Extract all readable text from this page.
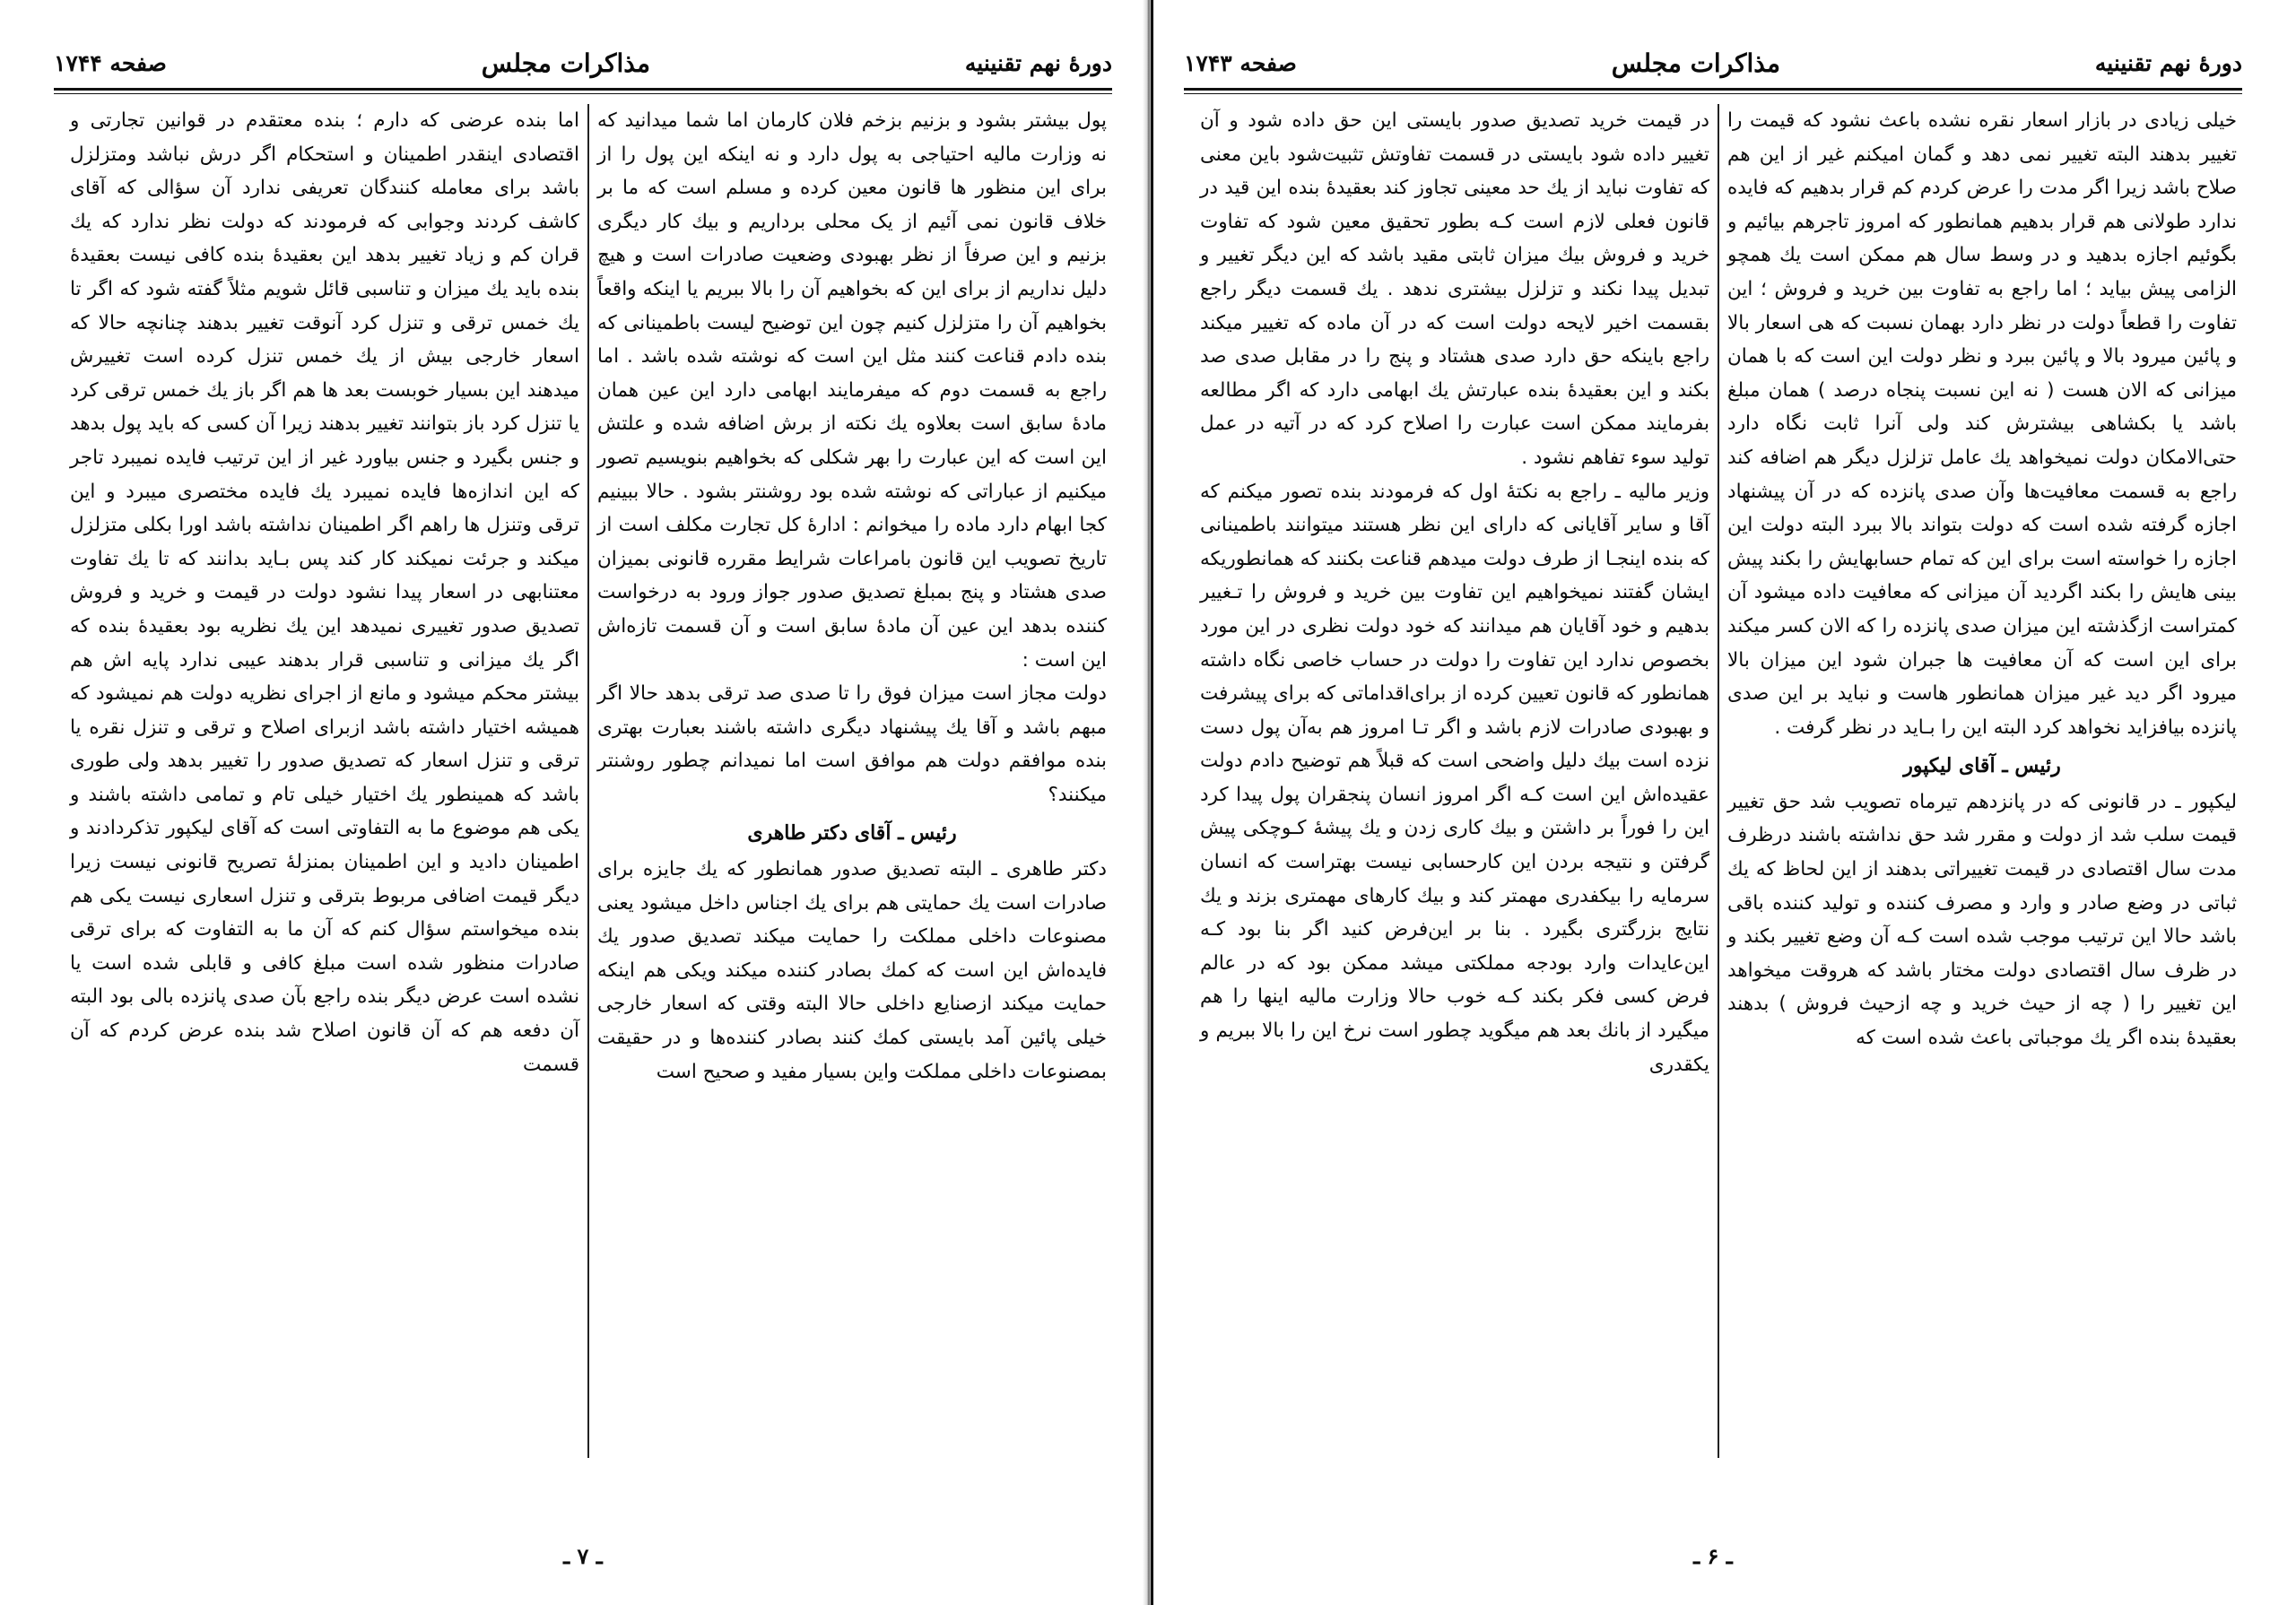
دورهٔ نهم تقنینیه
مذاکرات مجلس
صفحه ۱۷۴۴

پول بیشتر بشود و بزنیم بزخم فلان کارمان اما شما میدانید که نه وزارت مالیه احتیاجی به پول دارد و نه اینکه این پول را از برای این منظور ها قانون معین کرده و مسلم است که ما بر خلاف قانون نمی آئیم از یک محلی برداریم و بیك کار دیگری بزنیم و این صرفاً از نظر بهبودی وضعیت صادرات است و هیچ دلیل نداریم از برای این که بخواهیم آن را بالا ببریم یا اینکه واقعاً بخواهیم آن را متزلزل کنیم چون این توضیح لیست باطمینانی که بنده دادم قناعت کنند مثل این است که نوشته شده باشد . اما راجع به قسمت دوم که میفرمایند ابهامی دارد این عین همان مادهٔ سابق است بعلاوه یك نکته از برش اضافه شده و علتش این است که این عبارت را بهر شکلی که بخواهیم بنویسیم تصور میکنیم از عباراتی که نوشته شده بود روشنتر بشود . حالا ببینیم کجا ابهام دارد ماده را میخوانم : ادارهٔ کل تجارت مکلف است از تاریخ تصویب این قانون بامراعات شرایط مقرره قانونی بمیزان صدی هشتاد و پنج بمبلغ تصدیق صدور جواز ورود به درخواست کننده بدهد این عین آن مادهٔ سابق است و آن قسمت تازه‌اش این است :

دولت مجاز است میزان فوق را تا صدی صد ترقی بدهد حالا اگر مبهم باشد و آقا یك پیشنهاد دیگری داشته باشند بعبارت بهتری بنده موافقم دولت هم موافق است اما نمیدانم چطور روشنتر میکنند؟

رئیس ـ آقای دکتر طاهری

دکتر طاهری ـ البته تصدیق صدور همانطور که یك جایزه برای صادرات است یك حمایتی هم برای یك اجناس داخل میشود یعنی مصنوعات داخلی مملکت را حمایت میکند تصدیق صدور یك فایده‌اش این است که کمك بصادر کننده میکند ویکی هم اینکه حمایت میکند ازصنایع داخلی حالا البته وقتی که اسعار خارجی خیلی پائین آمد بایستی کمك کنند بصادر کننده‌ها و در حقیقت بمصنوعات داخلی مملکت واین بسیار مفید و صحیح است

اما بنده عرضی که دارم ؛ بنده معتقدم در قوانین تجارتی و اقتصادی اینقدر اطمینان و استحکام اگر درش نباشد ومتزلزل باشد برای معامله کنندگان تعریفی ندارد آن سؤالی که آقای کاشف کردند وجوابی که فرمودند که دولت نظر ندارد که یك قران کم و زیاد تغییر بدهد این بعقیدهٔ بنده کافی نیست بعقیدهٔ بنده باید یك میزان و تناسبی قائل شویم مثلاً گفته شود که اگر تا یك خمس ترقی و تنزل کرد آنوقت تغییر بدهند چنانچه حالا که اسعار خارجی بیش از یك خمس تنزل کرده است تغییرش میدهند این بسیار خوبست بعد ها هم اگر باز یك خمس ترقی کرد یا تنزل کرد باز بتوانند تغییر بدهند زیرا آن کسی که باید پول بدهد و جنس بگیرد و جنس بیاورد غیر از این ترتیب فایده نمیبرد تاجر که این اندازه‌ها فایده نمیبرد یك فایده مختصری میبرد و این ترقی وتنزل ها راهم اگر اطمینان نداشته باشد اورا بکلی متزلزل میکند و جرئت نمیکند کار کند پس بـاید بدانند که تا یك تفاوت معتنابهی در اسعار پیدا نشود دولت در قیمت و خرید و فروش تصدیق صدور تغییری نمیدهد این یك نظریه بود بعقیدهٔ بنده که اگر یك میزانی و تناسبی قرار بدهند عیبی ندارد پایه اش هم بیشتر محکم میشود و مانع از اجرای نظریه دولت هم نمیشود که همیشه اختیار داشته باشد ازبرای اصلاح و ترقی و تنزل نقره یا ترقی و تنزل اسعار که تصدیق صدور را تغییر بدهد ولی طوری باشد که همینطور یك اختیار خیلی تام و تمامی داشته باشند و یکی هم موضوع ما به التفاوتی است که آقای لیکپور تذکردادند و اطمینان دادید و این اطمینان بمنزلهٔ تصریح قانونی نیست زیرا دیگر قیمت اضافی مربوط بترقی و تنزل اسعاری نیست یکی هم بنده میخواستم سؤال کنم که آن ما به التفاوت که برای ترقی صادرات منظور شده است مبلغ کافی و قابلی شده است یا نشده است عرض دیگر بنده راجع بآن صدی پانزده بالی بود البته آن دفعه هم که آن قانون اصلاح شد بنده عرض کردم که آن قسمت

ـ ۷ ـ
دورهٔ نهم تقنینیه
مذاکرات مجلس
صفحه ۱۷۴۳

خیلی زیادی در بازار اسعار نقره نشده باعث نشود که قیمت را تغییر بدهند البته تغییر نمی دهد و گمان امیکنم غیر از این هم صلاح باشد زیرا اگر مدت را عرض کردم کم قرار بدهیم که فایده ندارد طولانی هم قرار بدهیم همانطور که امروز تاجرهم بیائیم و بگوئیم اجازه بدهید و در وسط سال هم ممکن است یك همچو الزامی پیش بیاید ؛ اما راجع به تفاوت بین خرید و فروش ؛ این تفاوت را قطعاً دولت در نظر دارد بهمان نسبت که هی اسعار بالا و پائین میرود بالا و پائین ببرد و نظر دولت این است که با همان میزانی که الان هست ( نه این نسبت پنجاه درصد ) همان مبلغ باشد یا بکشاهی بیشترش کند ولی آنرا ثابت نگاه دارد حتی‌الامکان دولت نمیخواهد یك عامل تزلزل دیگر هم اضافه کند راجع به قسمت معافیت‌ها وآن صدی پانزده که در آن پیشنهاد اجازه گرفته شده است که دولت بتواند بالا ببرد البته دولت این اجازه را خواسته است برای این که تمام حسابهایش را بکند پیش بینی هایش را بکند اگردید آن میزانی که معافیت داده میشود آن کمتراست ازگذشته این میزان صدی پانزده را که الان کسر میکند برای این است که آن معافیت ها جبران شود این میزان بالا میرود اگر دید غیر میزان همانطور هاست و نباید بر این صدی پانزده بیافزاید نخواهد کرد البته این را بـاید در نظر گرفت .

رئیس ـ آقای لیکپور

لیکپور ـ در قانونی که در پانزدهم تیرماه تصویب شد حق تغییر قیمت سلب شد از دولت و مقرر شد حق نداشته باشند درظرف مدت سال اقتصادی در قیمت تغییراتی بدهند از این لحاظ که یك ثباتی در وضع صادر و وارد و مصرف کننده و تولید کننده باقی باشد حالا این ترتیب موجب شده است کـه آن وضع تغییر بکند و در ظرف سال اقتصادی دولت مختار باشد که هروقت میخواهد این تغییر را ( چه از حیث خرید و چه ازحیث فروش ) بدهند بعقیدهٔ بنده اگر یك موجباتی باعث شده است که

در قیمت خرید تصدیق صدور بایستی این حق داده شود و آن تغییر داده شود بایستی در قسمت تفاوتش تثبیت‌شود باین معنی که تفاوت نباید از یك حد معینی تجاوز کند بعقیدهٔ بنده این قید در قانون فعلی لازم است کـه بطور تحقیق معین شود که تفاوت خرید و فروش بیك میزان ثابتی مقید باشد که این دیگر تغییر و تبدیل پیدا نکند و تزلزل بیشتری ندهد . یك قسمت دیگر راجع بقسمت اخیر لایحه دولت است که در آن ماده که تغییر میکند راجع باینکه حق دارد صدی هشتاد و پنج را در مقابل صدی صد بکند و این بعقیدهٔ بنده عبارتش یك ابهامی دارد که اگر مطالعه بفرمایند ممکن است عبارت را اصلاح کرد که در آتیه در عمل تولید سوء تفاهم نشود .

وزیر مالیه ـ راجع به نکتهٔ اول که فرمودند بنده تصور میکنم که آقا و سایر آقایانی که دارای این نظر هستند میتوانند باطمینانی که بنده اینجـا از طرف دولت میدهم قناعت بکنند که همانطوریکه ایشان گفتند نمیخواهیم این تفاوت بین خرید و فروش را تـغییر بدهیم و خود آقایان هم میدانند که خود دولت نظری در این مورد بخصوص ندارد این تفاوت را دولت در حساب خاصی نگاه داشته همانطور که قانون تعیین کرده از برای‌اقداماتی که برای پیشرفت و بهبودی صادرات لازم باشد و اگر تـا امروز هم به‌آن پول دست نزده است بیك دلیل واضحی است که قبلاً هم توضیح دادم دولت عقیده‌اش این است کـه اگر امروز انسان پنجقران پول پیدا کرد این را فوراً بر داشتن و بیك کاری زدن و یك پیشهٔ کـوچکی پیش گرفتن و نتیجه بردن این کارحسابی نیست بهتراست که انسان سرمایه را بیکفدری مهمتر کند و بیك کارهای مهمتری بزند و یك نتایج بزرگتری بگیرد . بنا بر این‌فرض کنید اگر بنا بود کـه این‌عایدات وارد بودجه مملکتی میشد ممکن بود که در عالم فرض کسی فکر بکند کـه خوب حالا وزارت مالیه اینها را هم میگیرد از بانك بعد هم میگوید چطور است نرخ این را بالا ببریم و یکقدری

ـ ۶ ـ
